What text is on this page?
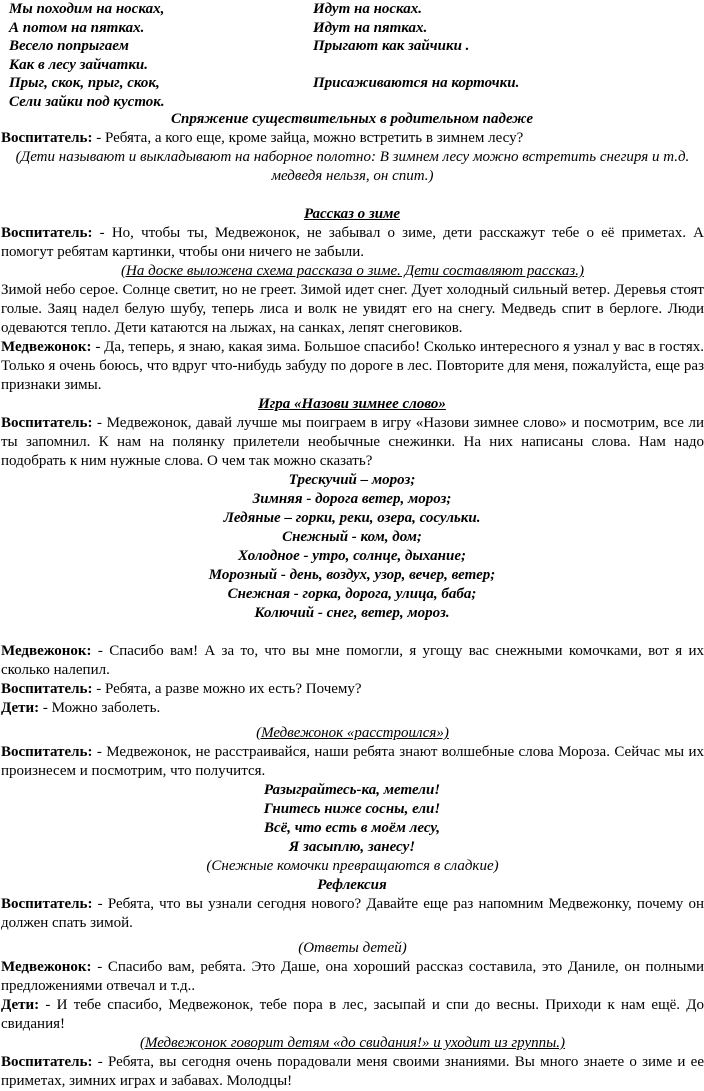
Мы походим на носках,
А потом на пятках.
Весело попрыгаем
Как в лесу зайчатки.
Прыг, скок, прыг, скок,
Сели зайки под кусток.
Идут на носках.
Идут на пятках.
Прыгают как зайчики .
Присаживаются на корточки.
Спряжение существительных в родительном падеже

Воспитатель: - Ребята, а кого еще, кроме зайца, можно встретить в зимнем лесу?

(Дети называют и выкладывают на наборное полотно: В зимнем лесу можно встретить снегиря и т.д. медведя нельзя, он спит.)

Рассказ о зиме

Воспитатель: - Но, чтобы ты, Медвежонок, не забывал о зиме, дети расскажут тебе о её приметах. А помогут ребятам картинки, чтобы они ничего не забыли.

(На доске выложена схема рассказа о зиме. Дети составляют рассказ.)

Зимой небо серое. Солнце светит, но не греет. Зимой идет снег. Дует холодный сильный ветер. Деревья стоят голые. Заяц надел белую шубу, теперь лиса и волк не увидят его на снегу. Медведь спит в берлоге. Люди одеваются тепло. Дети катаются на лыжах, на санках, лепят снеговиков.

Медвежонок: - Да, теперь, я знаю, какая зима. Большое спасибо! Сколько интересного я узнал у вас в гостях. Только я очень боюсь, что вдруг что-нибудь забуду по дороге в лес. Повторите для меня, пожалуйста, еще раз признаки зимы.

Игра «Назови зимнее слово»

Воспитатель: - Медвежонок, давай лучше мы поиграем в игру «Назови зимнее слово» и посмотрим, все ли ты запомнил. К нам на полянку прилетели необычные снежинки. На них написаны слова. Нам надо подобрать к ним нужные слова. О чем так можно сказать?

Трескучий – мороз;
Зимняя - дорога ветер, мороз;
Ледяные – горки, реки, озера, сосульки.
Снежный - ком, дом;
Холодное - утро, солнце, дыхание;
Морозный - день, воздух, узор, вечер, ветер;
Снежная - горка, дорога, улица, баба;
Колючий - снег, ветер, мороз.

Медвежонок: - Спасибо вам! А за то, что вы мне помогли, я угощу вас снежными комочками, вот я их сколько налепил.

Воспитатель: - Ребята, а разве можно их есть? Почему?

Дети: - Можно заболеть.

(Медвежонок «расстроился»)

Воспитатель: - Медвежонок, не расстраивайся, наши ребята знают волшебные слова Мороза. Сейчас мы их произнесем и посмотрим, что получится.

Разыграйтесь-ка, метели!
Гнитесь ниже сосны, ели!
Всё, что есть в моём лесу,
Я засыплю, занесу!

(Снежные комочки превращаются в сладкие)

Рефлексия

Воспитатель: - Ребята, что вы узнали сегодня нового? Давайте еще раз напомним Медвежонку, почему он должен спать зимой.

(Ответы детей)

Медвежонок: - Спасибо вам, ребята. Это Даше, она хороший рассказ составила, это Даниле, он полными предложениями отвечал и т.д..

Дети: - И тебе спасибо, Медвежонок, тебе пора в лес, засыпай и спи до весны. Приходи к нам ещё. До свидания!

(Медвежонок говорит детям «до свидания!» и уходит из группы.)

Воспитатель: - Ребята, вы сегодня очень порадовали меня своими знаниями. Вы много знаете о зиме и ее приметах, зимних играх и забавах. Молодцы!
